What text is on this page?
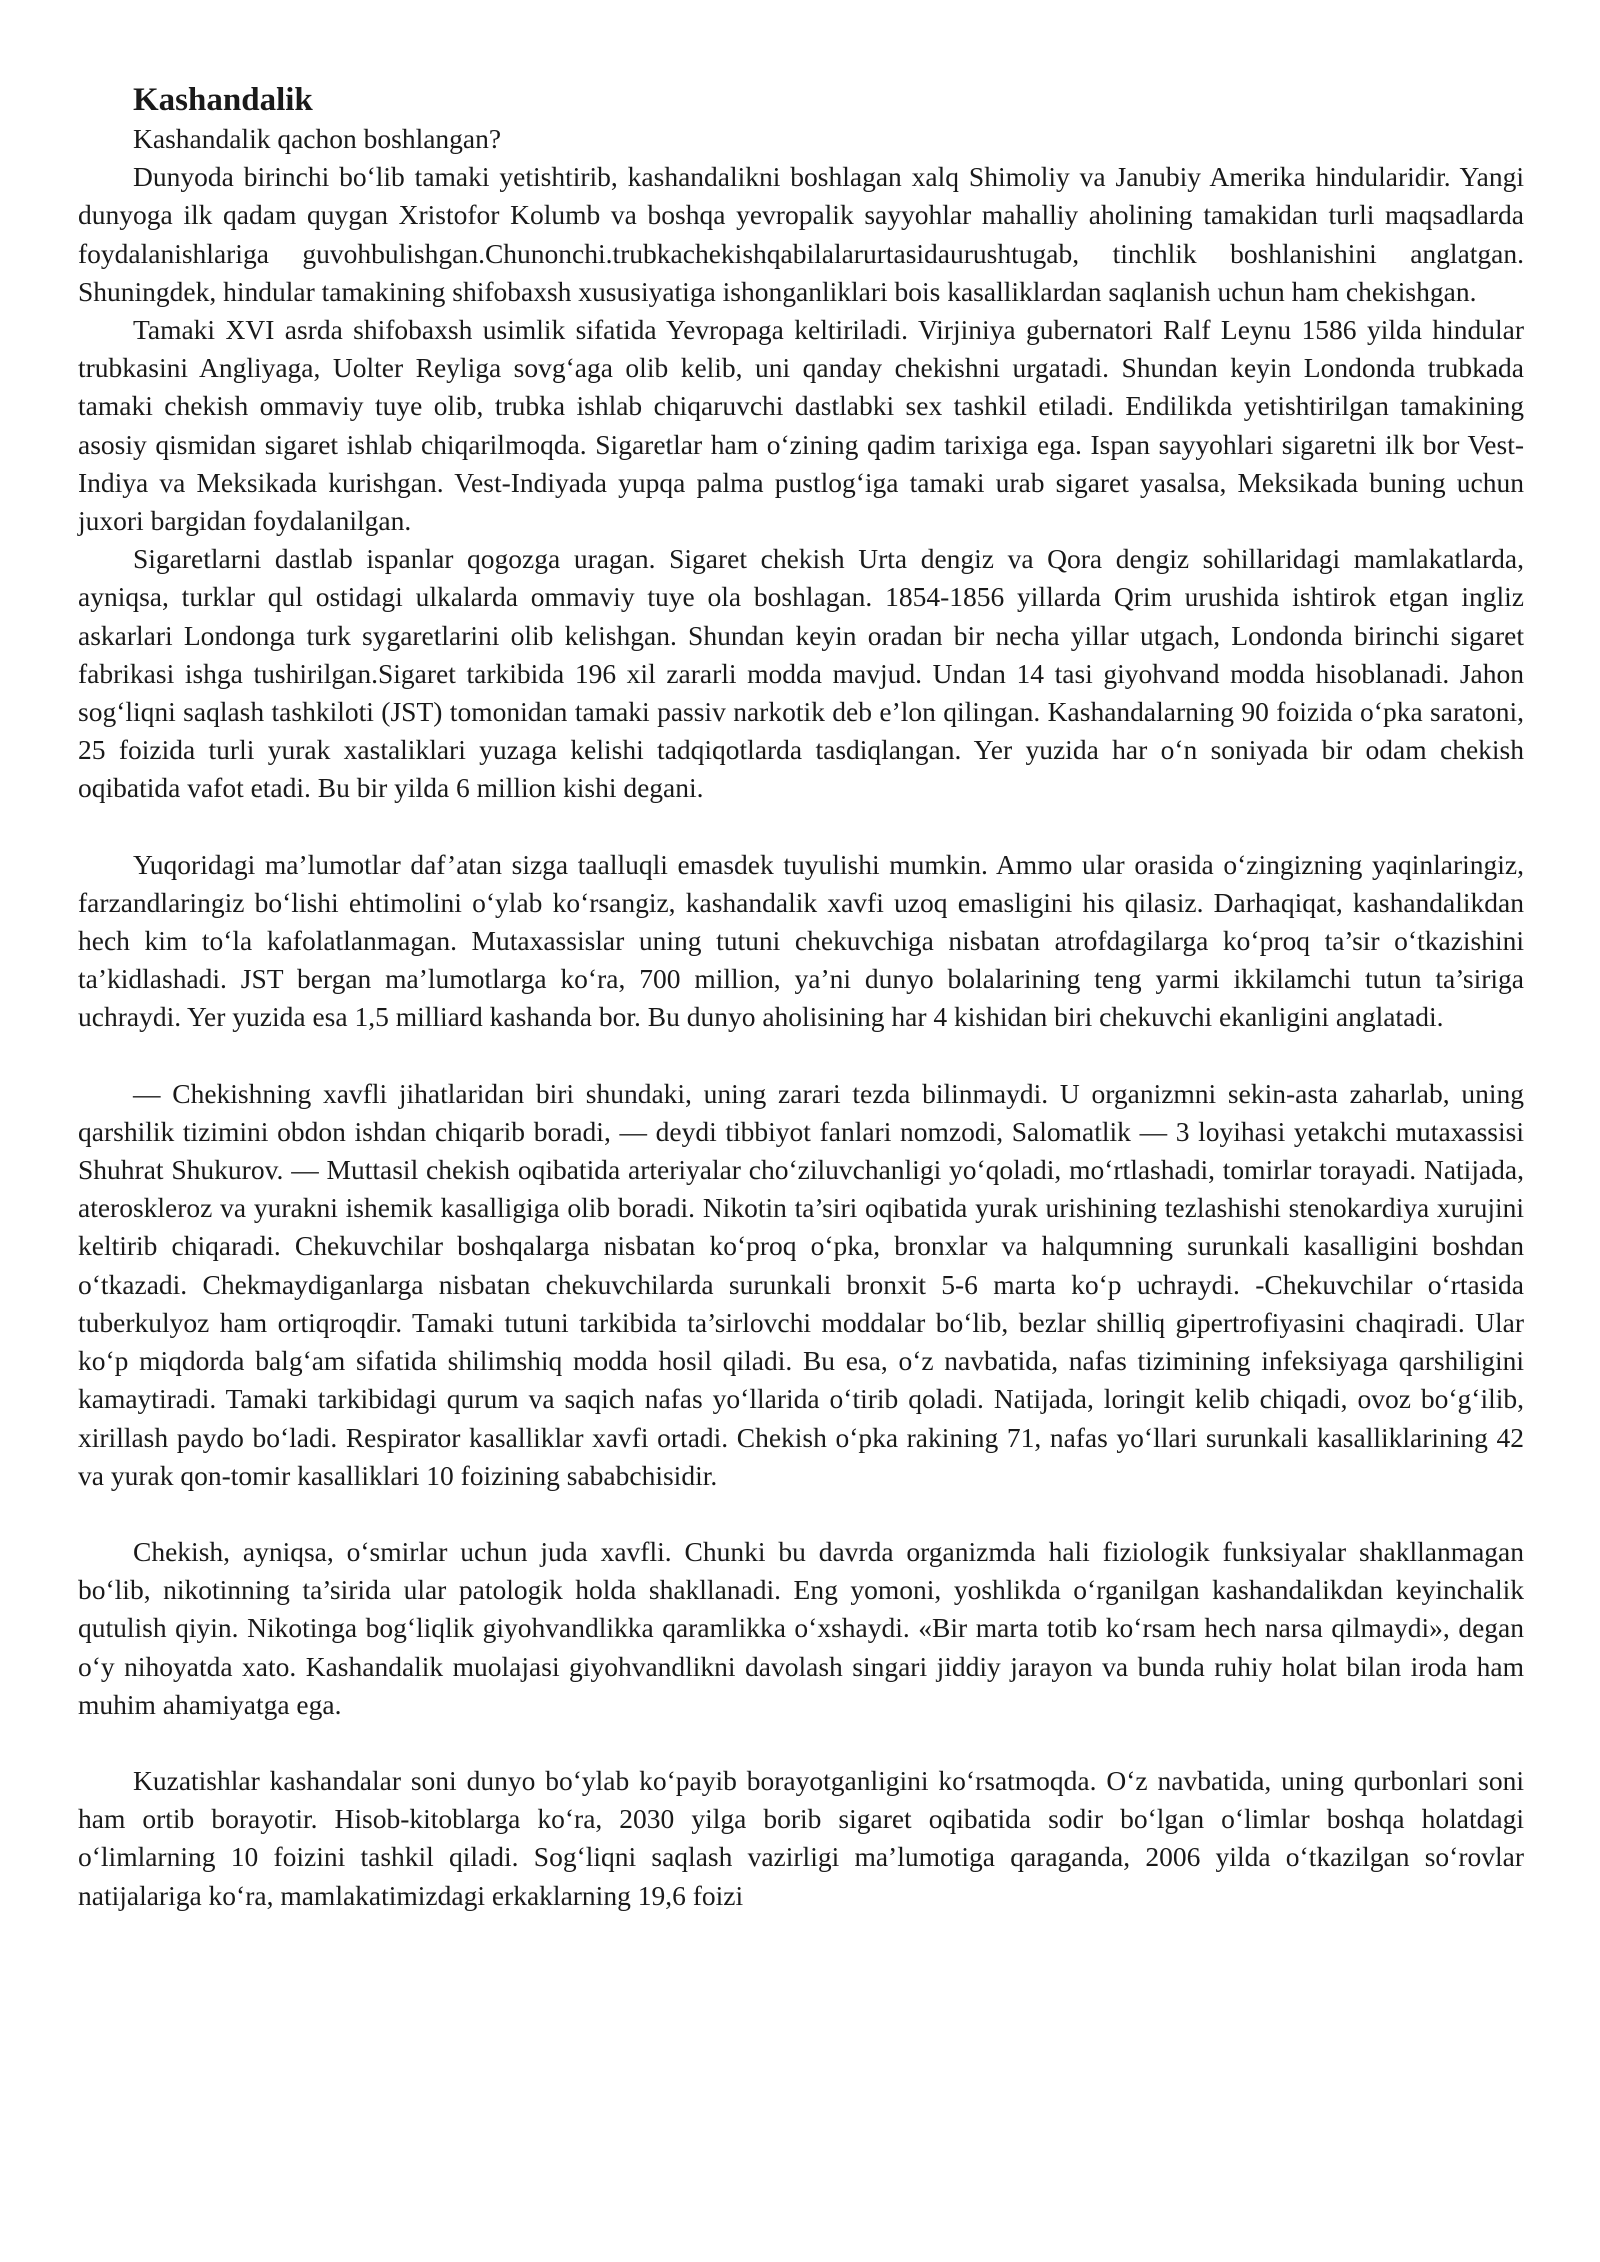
Kashandalik
Kashandalik qachon boshlangan?

Dunyoda birinchi bo‘lib tamaki yetishtirib, kashandalikni boshlagan xalq Shimoliy va Janubiy Amerika hindularidir. Yangi dunyoga ilk qadam quygan Xristofor Kolumb va boshqa yevropalik sayyohlar mahalliy aholining tamakidan turli maqsadlarda foydalanishlariga guvohbulishgan.Chunonchi.trubkachekishqabilalarurtasidaurushtugab, tinchlik boshlanishini anglatgan. Shuningdek, hindular tamakining shifobaxsh xususiyatiga ishonganliklari bois kasalliklardan saqlanish uchun ham chekishgan.

Tamaki XVI asrda shifobaxsh usimlik sifatida Yevropaga keltiriladi. Virjiniya gubernatori Ralf Leynu 1586 yilda hindular trubkasini Angliyaga, Uolter Reyliga sovg‘aga olib kelib, uni qanday chekishni urgatadi. Shundan keyin Londonda trubkada tamaki chekish ommaviy tuye olib, trubka ishlab chiqaruvchi dastlabki sex tashkil etiladi. Endilikda yetishtirilgan tamakining asosiy qismidan sigaret ishlab chiqarilmoqda. Sigaretlar ham o‘zining qadim tarixiga ega. Ispan sayyohlari sigaretni ilk bor Vest-Indiya va Meksikada kurishgan. Vest-Indiyada yupqa palma pustlog‘iga tamaki urab sigaret yasalsa, Meksikada buning uchun juxori bargidan foydalanilgan.

Sigaretlarni dastlab ispanlar qogozga uragan. Sigaret chekish Urta dengiz va Qora dengiz sohillaridagi mamlakatlarda, ayniqsa, turklar qul ostidagi ulkalarda ommaviy tuye ola boshlagan. 1854-1856 yillarda Qrim urushida ishtirok etgan ingliz askarlari Londonga turk sygaretlarini olib kelishgan. Shundan keyin oradan bir necha yillar utgach, Londonda birinchi sigaret fabrikasi ishga tushirilgan.Sigaret tarkibida 196 xil zararli modda mavjud. Undan 14 tasi giyohvand modda hisoblanadi. Jahon sog‘liqni saqlash tashkiloti (JST) tomonidan tamaki passiv narkotik deb e’lon qilingan. Kashandalarning 90 foizida o‘pka saratoni, 25 foizida turli yurak xastaliklari yuzaga kelishi tadqiqotlarda tasdiqlangan. Yer yuzida har o‘n soniyada bir odam chekish oqibatida vafot etadi. Bu bir yilda 6 million kishi degani.

Yuqoridagi ma’lumotlar daf’atan sizga taalluqli emasdek tuyulishi mumkin. Ammo ular orasida o‘zingizning yaqinlaringiz, farzandlaringiz bo‘lishi ehtimolini o‘ylab ko‘rsangiz, kashandalik xavfi uzoq emasligini his qilasiz. Darhaqiqat, kashandalikdan hech kim to‘la kafolatlanmagan. Mutaxassislar uning tutuni chekuvchiga nisbatan atrofdagilarga ko‘proq ta’sir o‘tkazishini ta’kidlashadi. JST bergan ma’lumotlarga ko‘ra, 700 million, ya’ni dunyo bolalarining teng yarmi ikkilamchi tutun ta’siriga uchraydi. Yer yuzida esa 1,5 milliard kashanda bor. Bu dunyo aholisining har 4 kishidan biri chekuvchi ekanligini anglatadi.

— Chekishning xavfli jihatlaridan biri shundaki, uning zarari tezda bilinmaydi. U organizmni sekin-asta zaharlab, uning qarshilik tizimini obdon ishdan chiqarib boradi, — deydi tibbiyot fanlari nomzodi, Salomatlik — 3 loyihasi yetakchi mutaxassisi Shuhrat Shukurov. — Muttasil chekish oqibatida arteriyalar cho‘ziluvchanligi yo‘qoladi, mo‘rtlashadi, tomirlar torayadi. Natijada, ateroskleroz va yurakni ishemik kasalligiga olib boradi. Nikotin ta’siri oqibatida yurak urishining tezlashishi stenokardiya xurujini keltirib chiqaradi. Chekuvchilar boshqalarga nisbatan ko‘proq o‘pka, bronxlar va halqumning surunkali kasalligini boshdan o‘tkazadi. Chekmaydiganlarga nisbatan chekuvchilarda surunkali bronxit 5-6 marta ko‘p uchraydi. -Chekuvchilar o‘rtasida tuberkulyoz ham ortiqroqdir. Tamaki tutuni tarkibida ta’sirlovchi moddalar bo‘lib, bezlar shilliq gipertrofiyasini chaqiradi. Ular ko‘p miqdorda balg‘am sifatida shilimshiq modda hosil qiladi. Bu esa, o‘z navbatida, nafas tizimining infeksiyaga qarshiligini kamaytiradi. Tamaki tarkibidagi qurum va saqich nafas yo‘llarida o‘tirib qoladi. Natijada, loringit kelib chiqadi, ovoz bo‘g‘ilib, xirillash paydo bo‘ladi. Respirator kasalliklar xavfi ortadi. Chekish o‘pka rakining 71, nafas yo‘llari surunkali kasalliklarining 42 va yurak qon-tomir kasalliklari 10 foizining sababchisidir.

Chekish, ayniqsa, o‘smirlar uchun juda xavfli. Chunki bu davrda organizmda hali fiziologik funksiyalar shakllanmagan bo‘lib, nikotinning ta’sirida ular patologik holda shakllanadi. Eng yomoni, yoshlikda o‘rganilgan kashandalikdan keyinchalik qutulish qiyin. Nikotinga bog‘liqlik giyohvandlikka qaramlikka o‘xshaydi. «Bir marta totib ko‘rsam hech narsa qilmaydi», degan o‘y nihoyatda xato. Kashandalik muolajasi giyohvandlikni davolash singari jiddiy jarayon va bunda ruhiy holat bilan iroda ham muhim ahamiyatga ega.

Kuzatishlar kashandalar soni dunyo bo‘ylab ko‘payib borayotganligini ko‘rsatmoqda. O‘z navbatida, uning qurbonlari soni ham ortib borayotir. Hisob-kitoblarga ko‘ra, 2030 yilga borib sigaret oqibatida sodir bo‘lgan o‘limlar boshqa holatdagi o‘limlarning 10 foizini tashkil qiladi. Sog‘liqni saqlash vazirligi ma’lumotiga qaraganda, 2006 yilda o‘tkazilgan so‘rovlar natijalariga ko‘ra, mamlakatimizdagi erkaklarning 19,6 foizi
